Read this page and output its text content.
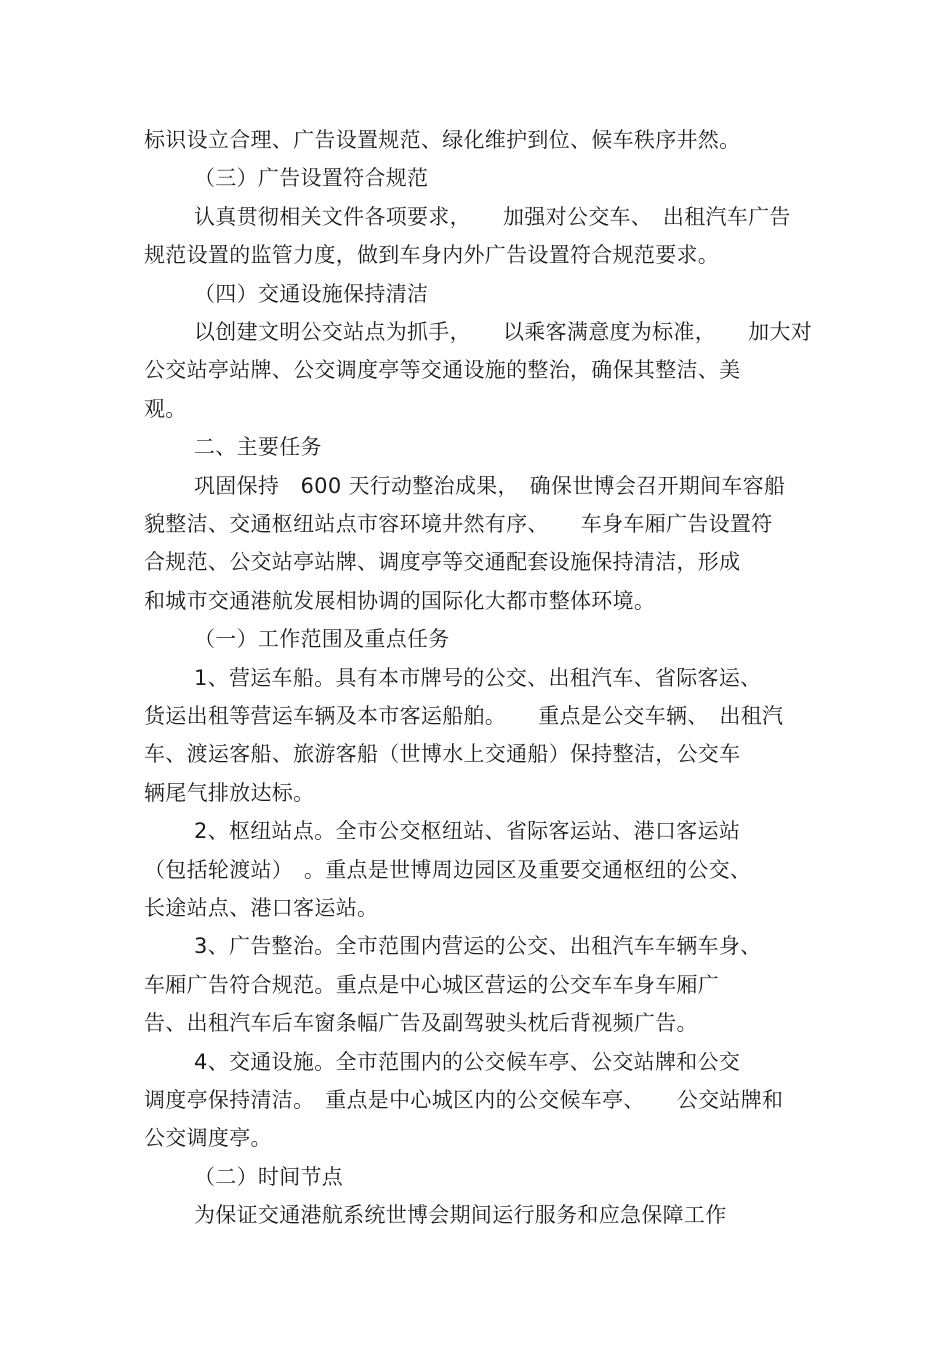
标识设立合理、广告设置规范、绿化维护到位、候车秩序井然。
（三）广告设置符合规范
认真贯彻相关文件各项要求，　　加强对公交车、　出租汽车广告
规范设置的监管力度，做到车身内外广告设置符合规范要求。
（四）交通设施保持清洁
以创建文明公交站点为抓手，　　以乘客满意度为标准，　　加大对
公交站亭站牌、公交调度亭等交通设施的整治，确保其整洁、美
观。
二、主要任务
巩固保持　600 天行动整治成果，　确保世博会召开期间车容船
貌整洁、交通枢纽站点市容环境井然有序、　　车身车厢广告设置符
合规范、公交站亭站牌、调度亭等交通配套设施保持清洁，形成
和城市交通港航发展相协调的国际化大都市整体环境。
（一）工作范围及重点任务
1、营运车船。具有本市牌号的公交、出租汽车、省际客运、
货运出租等营运车辆及本市客运船舶。　　重点是公交车辆、　出租汽
车、渡运客船、旅游客船（世博水上交通船）保持整洁，公交车
辆尾气排放达标。
2、枢纽站点。全市公交枢纽站、省际客运站、港口客运站
（包括轮渡站）　。重点是世博周边园区及重要交通枢纽的公交、
长途站点、港口客运站。
3、广告整治。全市范围内营运的公交、出租汽车车辆车身、
车厢广告符合规范。重点是中心城区营运的公交车车身车厢广
告、出租汽车后车窗条幅广告及副驾驶头枕后背视频广告。
4、交通设施。全市范围内的公交候车亭、公交站牌和公交
调度亭保持清洁。　重点是中心城区内的公交候车亭、　　公交站牌和
公交调度亭。
（二）时间节点
为保证交通港航系统世博会期间运行服务和应急保障工作
